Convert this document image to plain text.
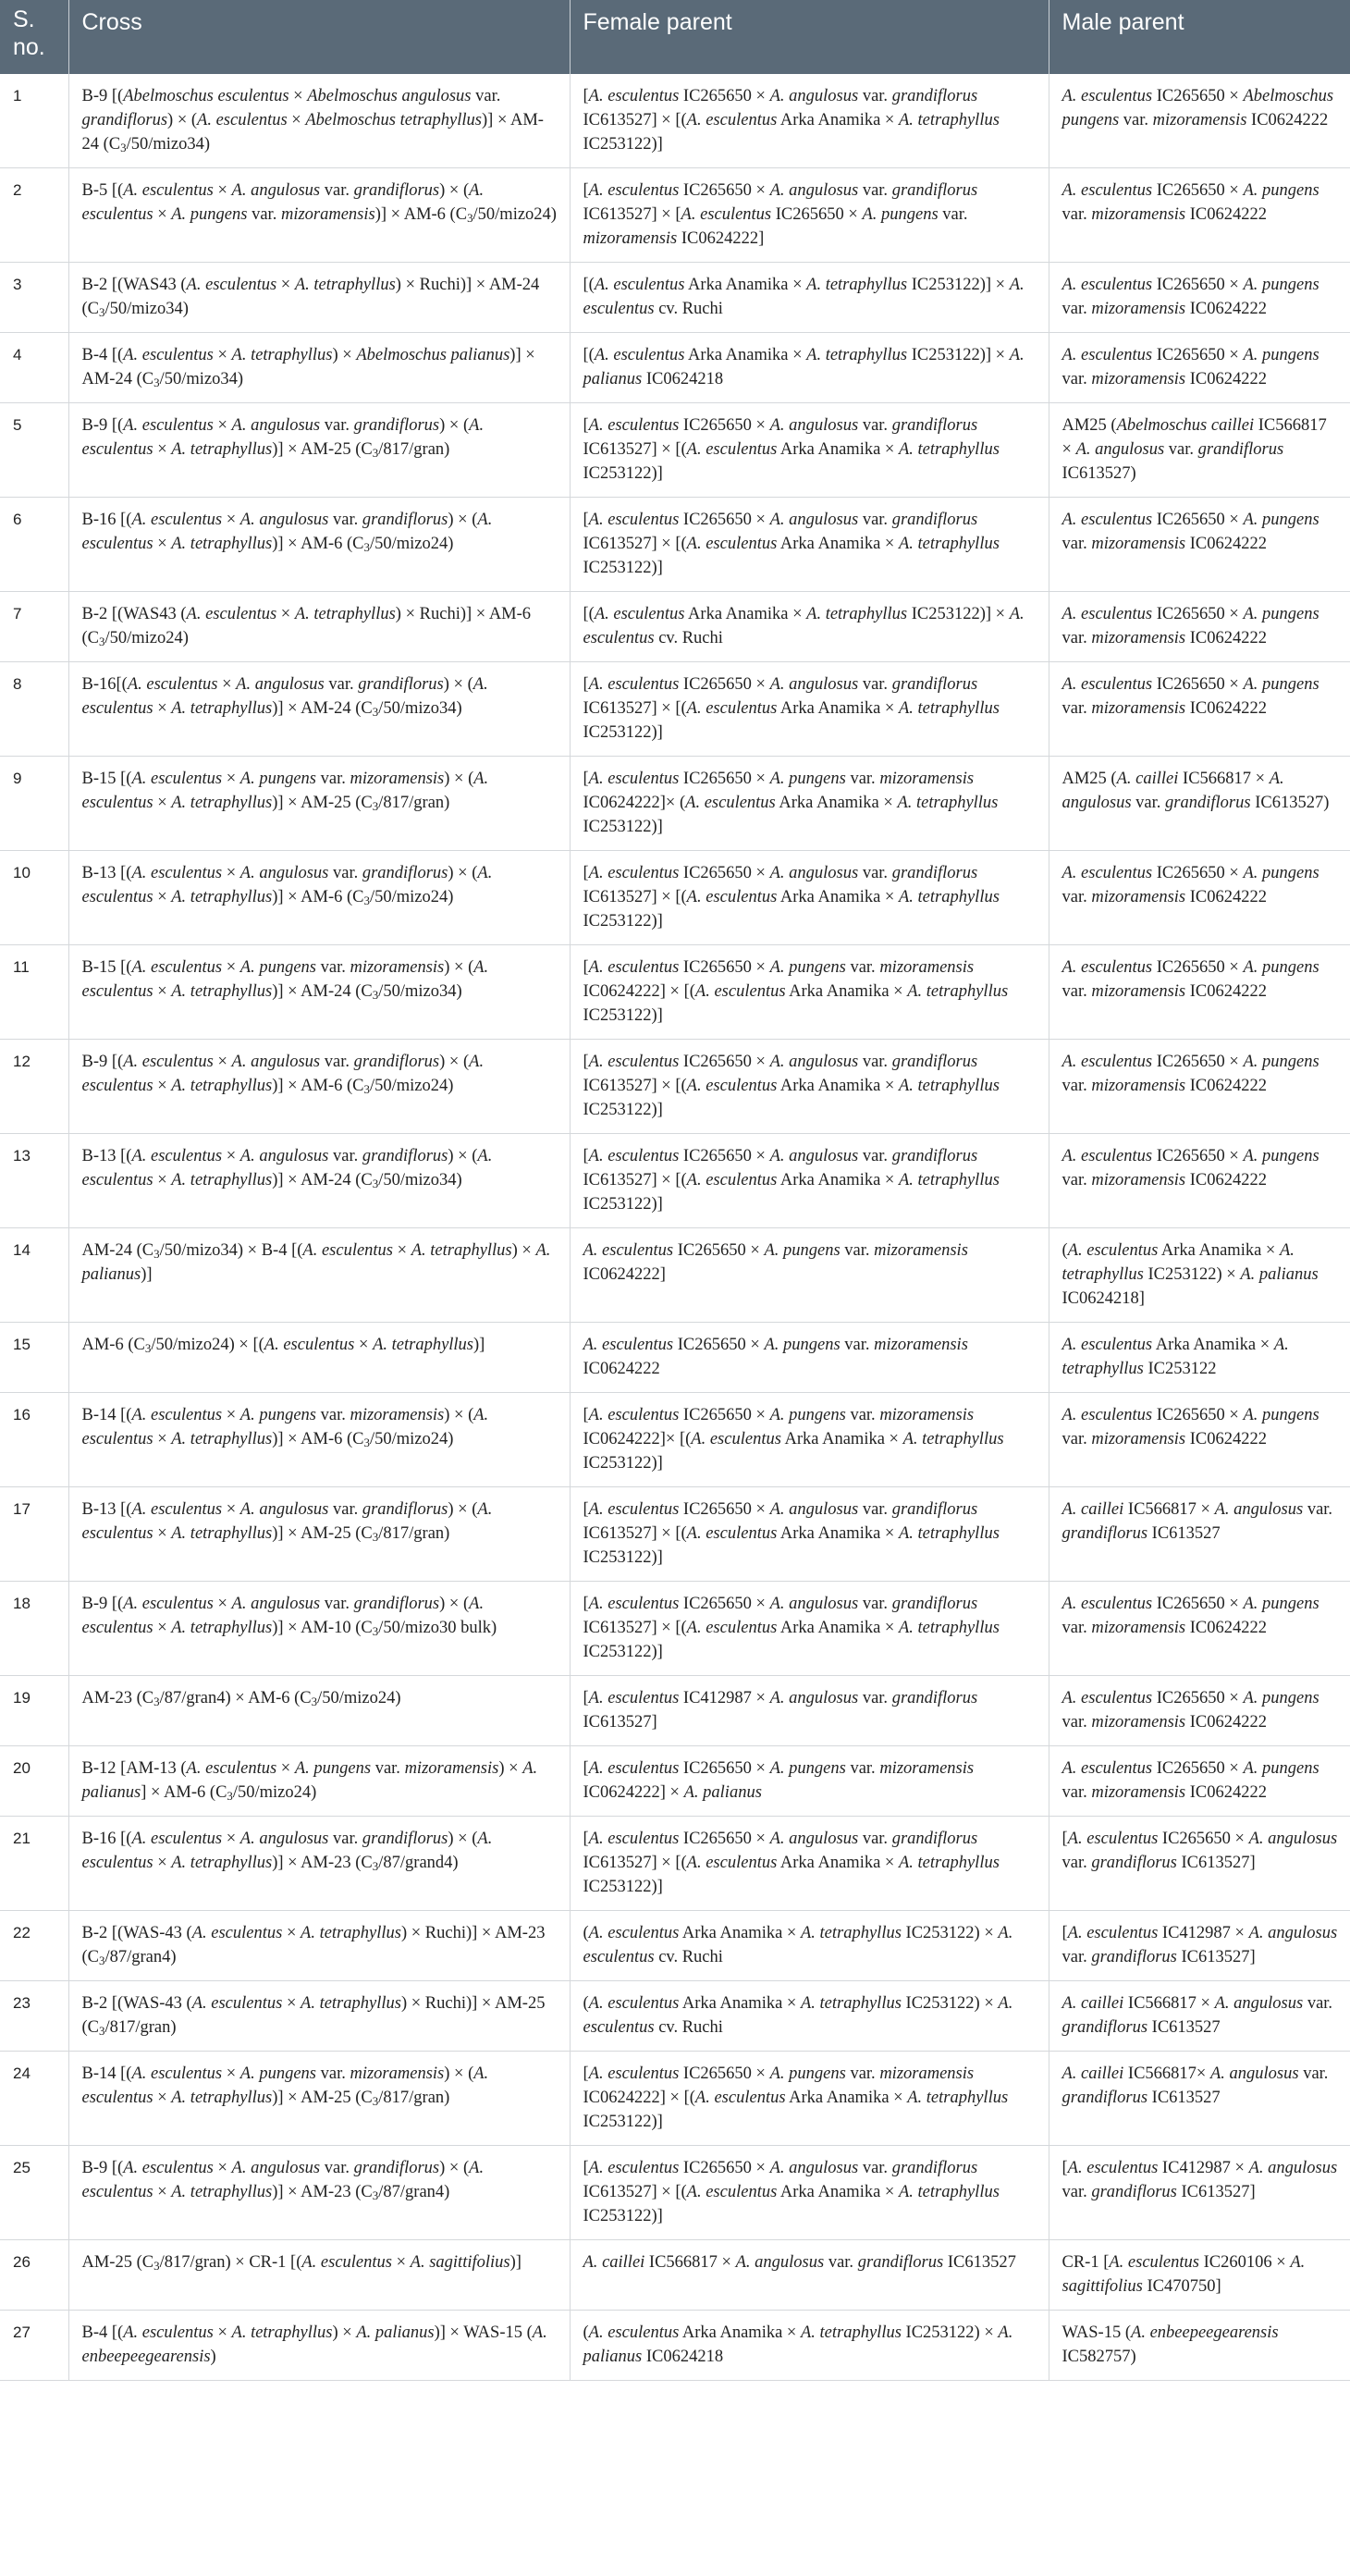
S. no.	Cross	Female parent	Male parent
1	B-9 [(Abelmoschus esculentus × Abelmoschus angulosus var. grandiflorus) × (A. esculentus × Abelmoschus tetraphyllus)] × AM-24 $(C_3/50/mizo34)$	[A. esculentus IC265650 × A. angulosus var. grandiflorus IC613527] × [(A. esculentus Arka Anamika × A. tetraphyllus IC253122)]	A. esculentus IC265650 × Abelmoschus pungens var. mizoramensis IC0624222
2	B-5 [(A. esculentus × A. angulosus var. grandiflorus) × (A. esculentus × A. pungens var. mizoramensis)] × AM-6 $(C_3/50/mizo24)$	[A. esculentus IC265650 × A. angulosus var. grandiflorus IC613527] × [A. esculentus IC265650 × A. pungens var. mizoramensis IC0624222]	A. esculentus IC265650 × A. pungens var. mizoramensis IC0624222
3	B-2 [(WAS43 (A. esculentus × A. tetraphyllus) × Ruchi)] × AM-24 $(C_3/50/mizo34)$	[(A. esculentus Arka Anamika × A. tetraphyllus IC253122)] × A. esculentus cv. Ruchi	A. esculentus IC265650 × A. pungens var. mizoramensis IC0624222
4	B-4 [(A. esculentus × A. tetraphyllus) × Abelmoschus palianus)] × AM-24 $(C_3/50/mizo34)$	[(A. esculentus Arka Anamika × A. tetraphyllus IC253122)] × A. palianus IC0624218	A. esculentus IC265650 × A. pungens var. mizoramensis IC0624222
5	B-9 [(A. esculentus × A. angulosus var. grandiflorus) × (A. esculentus × A. tetraphyllus)] × AM-25 $(C_3/817/gran)$	[A. esculentus IC265650 × A. angulosus var. grandiflorus IC613527] × [(A. esculentus Arka Anamika × A. tetraphyllus IC253122)]	AM25 (Abelmoschus caillei IC566817 × A. angulosus var. grandiflorus IC613527)
6	B-16 [(A. esculentus × A. angulosus var. grandiflorus) × (A. esculentus × A. tetraphyllus)] × AM-6 $(C_3/50/mizo24)$	[A. esculentus IC265650 × A. angulosus var. grandiflorus IC613527] × [(A. esculentus Arka Anamika × A. tetraphyllus IC253122)]	A. esculentus IC265650 × A. pungens var. mizoramensis IC0624222
7	B-2 [(WAS43 (A. esculentus × A. tetraphyllus) × Ruchi)] × AM-6 $(C_3/50/mizo24)$	[(A. esculentus Arka Anamika × A. tetraphyllus IC253122)] × A. esculentus cv. Ruchi	A. esculentus IC265650 × A. pungens var. mizoramensis IC0624222
8	B-16[(A. esculentus × A. angulosus var. grandiflorus) × (A. esculentus × A. tetraphyllus)] × AM-24 $(C_3/50/mizo34)$	[A. esculentus IC265650 × A. angulosus var. grandiflorus IC613527] × [(A. esculentus Arka Anamika × A. tetraphyllus IC253122)]	A. esculentus IC265650 × A. pungens var. mizoramensis IC0624222
9	B-15 [(A. esculentus × A. pungens var. mizoramensis) × (A. esculentus × A. tetraphyllus)] × AM-25 $(C_3/817/gran)$	[A. esculentus IC265650 × A. pungens var. mizoramensis IC0624222]× (A. esculentus Arka Anamika × A. tetraphyllus IC253122)]	AM25 (A. caillei IC566817 × A. angulosus var. grandiflorus IC613527)
10	B-13 [(A. esculentus × A. angulosus var. grandiflorus) × (A. esculentus × A. tetraphyllus)] × AM-6 $(C_3/50/mizo24)$	[A. esculentus IC265650 × A. angulosus var. grandiflorus IC613527] × [(A. esculentus Arka Anamika × A. tetraphyllus IC253122)]	A. esculentus IC265650 × A. pungens var. mizoramensis IC0624222
11	B-15 [(A. esculentus × A. pungens var. mizoramensis) × (A. esculentus × A. tetraphyllus)] × AM-24 $(C_3/50/mizo34)$	[A. esculentus IC265650 × A. pungens var. mizoramensis IC0624222] × [(A. esculentus Arka Anamika × A. tetraphyllus IC253122)]	A. esculentus IC265650 × A. pungens var. mizoramensis IC0624222
12	B-9 [(A. esculentus × A. angulosus var. grandiflorus) × (A. esculentus × A. tetraphyllus)] × AM-6 $(C_3/50/mizo24)$	[A. esculentus IC265650 × A. angulosus var. grandiflorus IC613527] × [(A. esculentus Arka Anamika × A. tetraphyllus IC253122)]	A. esculentus IC265650 × A. pungens var. mizoramensis IC0624222
13	B-13 [(A. esculentus × A. angulosus var. grandiflorus) × (A. esculentus × A. tetraphyllus)] × AM-24 $(C_3/50/mizo34)$	[A. esculentus IC265650 × A. angulosus var. grandiflorus IC613527] × [(A. esculentus Arka Anamika × A. tetraphyllus IC253122)]	A. esculentus IC265650 × A. pungens var. mizoramensis IC0624222
14	AM-24 $(C_3/50/mizo34) \times B-4$ [(A. esculentus × A. tetraphyllus) × A. palianus)]	A. esculentus IC265650 × A. pungens var. mizoramensis IC0624222]	(A. esculentus Arka Anamika × A. tetraphyllus IC253122) × A. palianus IC0624218]
15	AM-6 $(C_3/50/mizo24) \times [(A$. esculentus × A. tetraphyllus)]	A. esculentus IC265650 × A. pungens var. mizoramensis IC0624222	A. esculentus Arka Anamika × A. tetraphyllus IC253122
16	B-14 [(A. esculentus × A. pungens var. mizoramensis) × (A. esculentus × A. tetraphyllus)] × AM-6 $(C_3/50/mizo24)$	[A. esculentus IC265650 × A. pungens var. mizoramensis IC0624222]× [(A. esculentus Arka Anamika × A. tetraphyllus IC253122)]	A. esculentus IC265650 × A. pungens var. mizoramensis IC0624222
17	B-13 [(A. esculentus × A. angulosus var. grandiflorus) × (A. esculentus × A. tetraphyllus)] × AM-25 $(C_3/817/gran)$	[A. esculentus IC265650 × A. angulosus var. grandiflorus IC613527] × [(A. esculentus Arka Anamika × A. tetraphyllus IC253122)]	A. caillei IC566817 × A. angulosus var. grandiflorus IC613527
18	B-9 [(A. esculentus × A. angulosus var. grandiflorus) × (A. esculentus × A. tetraphyllus)] × AM-10 ($C_3/50/mizo30$ bulk)	[A. esculentus IC265650 × A. angulosus var. grandiflorus IC613527] × [(A. esculentus Arka Anamika × A. tetraphyllus IC253122)]	A. esculentus IC265650 × A. pungens var. mizoramensis IC0624222
19	AM-23 $(C_3/87/gran4) \times AM-6$ $(C_3/50/mizo24)$	[A. esculentus IC412987 × A. angulosus var. grandiflorus IC613527]	A. esculentus IC265650 × A. pungens var. mizoramensis IC0624222
20	B-12 [AM-13 (A. esculentus × A. pungens var. mizoramensis) × A. palianus] × AM-6 $(C_3/50/mizo24)$	[A. esculentus IC265650 × A. pungens var. mizoramensis IC0624222] × A. palianus	A. esculentus IC265650 × A. pungens var. mizoramensis IC0624222
21	B-16 [(A. esculentus × A. angulosus var. grandiflorus) × (A. esculentus × A. tetraphyllus)] × AM-23 $(C_3/87/grand4)$	[A. esculentus IC265650 × A. angulosus var. grandiflorus IC613527] × [(A. esculentus Arka Anamika × A. tetraphyllus IC253122)]	[A. esculentus IC265650 × A. angulosus var. grandiflorus IC613527]
22	B-2 [(WAS-43 (A. esculentus × A. tetraphyllus) × Ruchi)] × AM-23 $(C_3/87/gran4)$	(A. esculentus Arka Anamika × A. tetraphyllus IC253122) × A. esculentus cv. Ruchi	[A. esculentus IC412987 × A. angulosus var. grandiflorus IC613527]
23	B-2 [(WAS-43 (A. esculentus × A. tetraphyllus) × Ruchi)] × AM-25 $(C_3/817/gran)$	(A. esculentus Arka Anamika × A. tetraphyllus IC253122) × A. esculentus cv. Ruchi	A. caillei IC566817 × A. angulosus var. grandiflorus IC613527
24	B-14 [(A. esculentus × A. pungens var. mizoramensis) × (A. esculentus × A. tetraphyllus)] × AM-25 $(C_3/817/gran)$	[A. esculentus IC265650 × A. pungens var. mizoramensis IC0624222] × [(A. esculentus Arka Anamika × A. tetraphyllus IC253122)]	A. caillei IC566817× A. angulosus var. grandiflorus IC613527
25	B-9 [(A. esculentus × A. angulosus var. grandiflorus) × (A. esculentus × A. tetraphyllus)] × AM-23 $(C_3/87/gran4)$	[A. esculentus IC265650 × A. angulosus var. grandiflorus IC613527] × [(A. esculentus Arka Anamika × A. tetraphyllus IC253122)]	[A. esculentus IC412987 × A. angulosus var. grandiflorus IC613527]
26	AM-25 $(C_3/817/gran) \times CR-1$ [(A. esculentus × A. sagittifolius)]	A. caillei IC566817 × A. angulosus var. grandiflorus IC613527	CR-1 [A. esculentus IC260106 × A. sagittifolius IC470750]
27	B-4 [(A. esculentus × A. tetraphyllus) × A. palianus)] × WAS-15 (A. enbeepeegearensis)	(A. esculentus Arka Anamika × A. tetraphyllus IC253122) × A. palianus IC0624218	WAS-15 (A. enbeepeegearensis IC582757)
